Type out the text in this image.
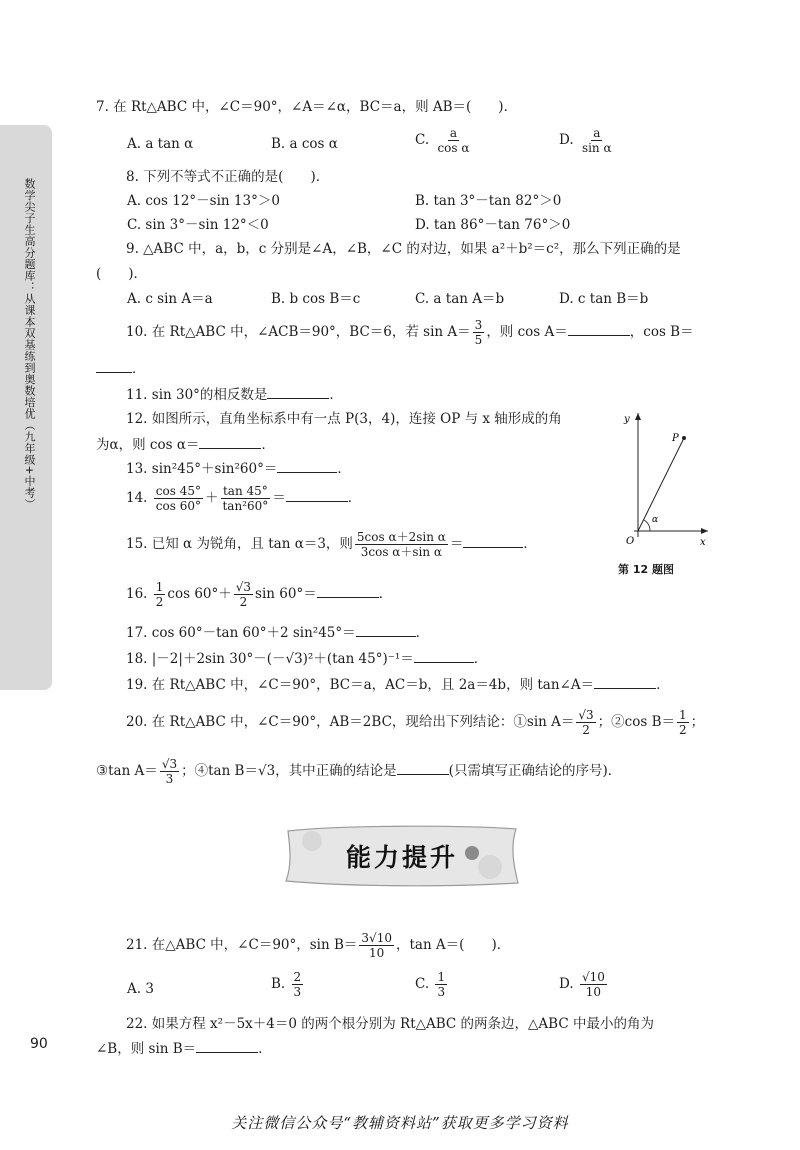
数学尖子生高分题库：从课本双基练到奥数培优（九年级+中考）
90
7. 在 Rt△ABC 中，∠C＝90°，∠A＝∠α，BC＝a，则 AB＝(　　)．
A. a tan α	B. a cos α	C. $\frac{a}{\text{cos α}}$	D. $\frac{a}{\text{sin α}}$
8. 下列不等式不正确的是(　　)．
A. cos 12°－sin 13°＞0	B. tan 3°－tan 82°＞0
C. sin 3°－sin 12°＜0	D. tan 86°－tan 76°＞0
9. △ABC 中，a，b，c 分别是∠A，∠B，∠C 的对边，如果 a²＋b²＝c²，那么下列正确的是
(　　)．
A. c sin A＝a	B. b cos B＝c	C. a tan A＝b	D. c tan B＝b
10. 在 Rt△ABC 中，∠ACB＝90°，BC＝6，若 $\sin A= \frac{3}{5}$ ，则 cos A＝	，cos B＝
．
11. sin 30°的相反数是	．
12. 如图所示，直角坐标系中有一点 P(3，4)，连接 OP 与 x 轴形成的角
为α，则 cos α＝	．
y
x
O
P
α
第 12 题图
13. sin²45°＋sin²60°＝	．
14. $\frac{\cos 45^\circ}{\cos 60^\circ} + \frac{\tan 45^\circ}{\text{tan²60°}}$ ＝	．
15. 已知 α 为锐角，且 tan α＝3，则 $\frac{\text{5cos α＋2sin α}}{\text{3cos α＋sin α}}$ ＝	．
16. $\frac{1}{2}$ $\cos 60^\circ+ \frac{√3}{2}$ sin 60°＝	．
17. cos 60°－tan 60°＋2 sin²45°＝	．
18. |－2|＋2sin 30°－(－√3)²＋(tan 45°)⁻¹＝	．
19. 在 Rt△ABC 中，∠C＝90°，BC＝a，AC＝b，且 2a＝4b，则 tan∠A＝	．
20. 在 Rt△ABC 中，∠C＝90°，AB＝2BC，现给出下列结论：①sin $A= \frac{√3}{2}$ ；②cos $B= \frac{1}{2}$ ；
③tan $A= \frac{√3}{3}$ ；④tan B＝√3，其中正确的结论是	(只需填写正确结论的序号)．
能力提升
21. 在△ABC 中，∠C＝90°，$\sin B= \frac{3√10}{10}$ ，tan A＝(　　)．
A. 3	B. $\frac{2}{3}$	C. $\frac{1}{3}$	D. $\frac{√10}{10}$
22. 如果方程 x²－5x＋4＝0 的两个根分别为 Rt△ABC 的两条边，△ABC 中最小的角为
∠B，则 sin B＝	．
关注微信公众号“教辅资料站”获取更多学习资料
